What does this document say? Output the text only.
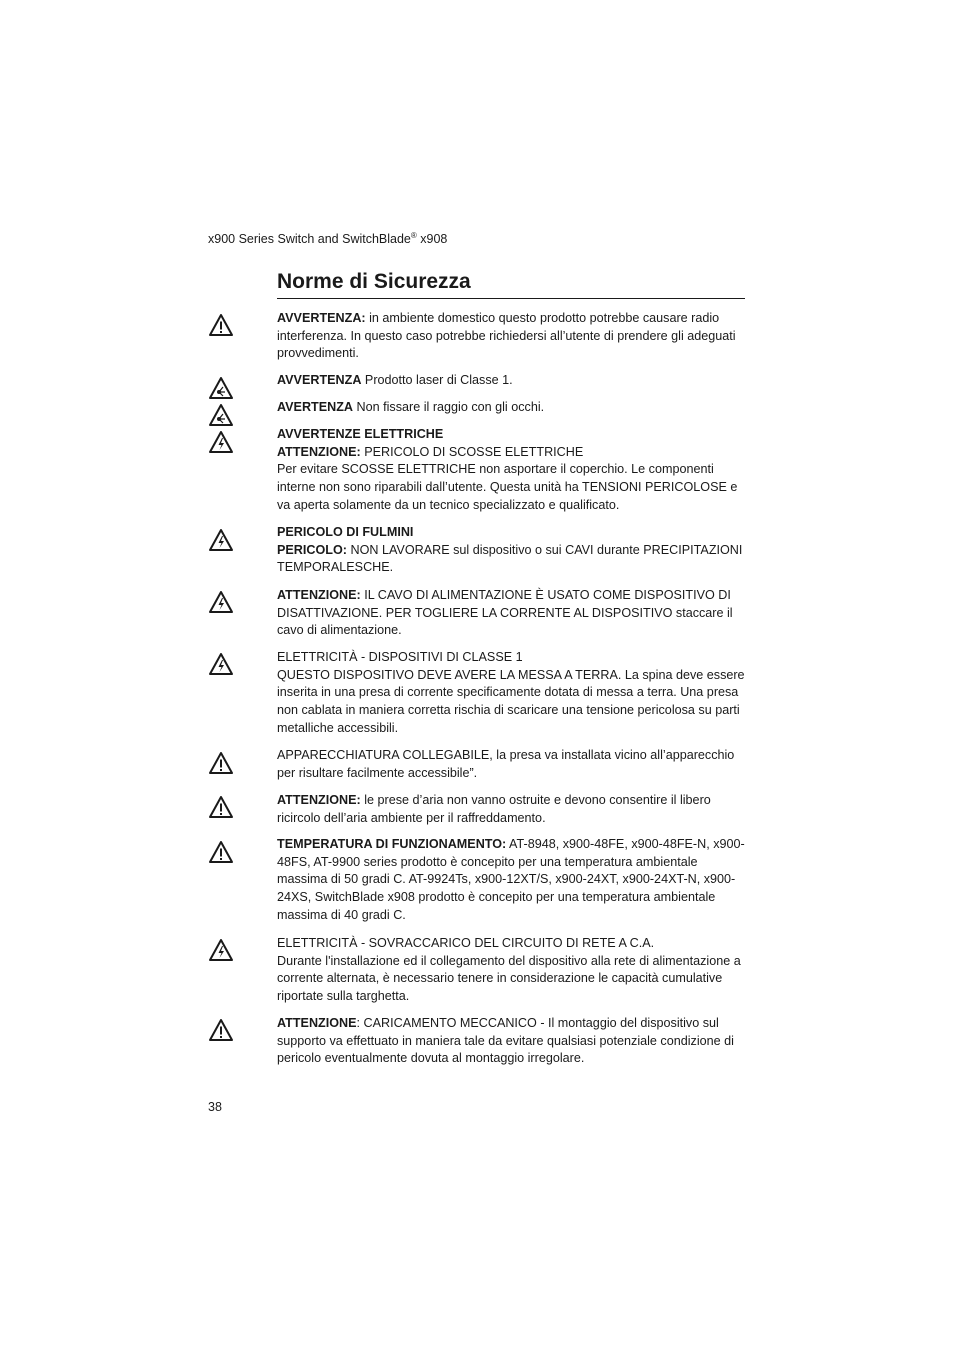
x900 Series Switch and SwitchBlade® x908
Norme di Sicurezza
AVVERTENZA: in ambiente domestico questo prodotto potrebbe causare radio interferenza. In questo caso potrebbe richiedersi all’utente di prendere gli adeguati provvedimenti.
AVVERTENZA Prodotto laser di Classe 1.
AVERTENZA Non fissare il raggio con gli occhi.
AVVERTENZE ELETTRICHE
ATTENZIONE: PERICOLO DI SCOSSE ELETTRICHE
Per evitare SCOSSE ELETTRICHE non asportare il coperchio. Le componenti interne non sono riparabili dall’utente. Questa unità ha TENSIONI PERICOLOSE e va aperta solamente da un tecnico specializzato e qualificato.
PERICOLO DI FULMINI
PERICOLO: NON LAVORARE sul dispositivo o sui CAVI durante PRECIPITAZIONI TEMPORALESCHE.
ATTENZIONE: IL CAVO DI ALIMENTAZIONE È USATO COME DISPOSITIVO DI DISATTIVAZIONE. PER TOGLIERE LA CORRENTE AL DISPOSITIVO staccare il cavo di alimentazione.
ELETTRICITÀ - DISPOSITIVI DI CLASSE 1
QUESTO DISPOSITIVO DEVE AVERE LA MESSA A TERRA. La spina deve essere inserita in una presa di corrente specificamente dotata di messa a terra. Una presa non cablata in maniera corretta rischia di scaricare una tensione pericolosa su parti metalliche accessibili.
APPARECCHIATURA COLLEGABILE, la presa va installata vicino all’apparecchio per risultare facilmente accessibile”.
ATTENZIONE: le prese d’aria non vanno ostruite e devono consentire il libero ricircolo dell’aria ambiente per il raffreddamento.
TEMPERATURA DI FUNZIONAMENTO: AT-8948, x900-48FE, x900-48FE-N, x900-48FS, AT-9900 series prodotto è concepito per una temperatura ambientale massima di 50 gradi C. AT-9924Ts, x900-12XT/S, x900-24XT, x900-24XT-N, x900-24XS, SwitchBlade x908 prodotto è concepito per una temperatura ambientale massima di 40 gradi C.
ELETTRICITÀ - SOVRACCARICO DEL CIRCUITO DI RETE A C.A.
Durante l'installazione ed il collegamento del dispositivo alla rete di alimentazione a corrente alternata, è necessario tenere in considerazione le capacità cumulative riportate sulla targhetta.
ATTENZIONE: CARICAMENTO MECCANICO - Il montaggio del dispositivo sul supporto va effettuato in maniera tale da evitare qualsiasi potenziale condizione di pericolo eventualmente dovuta al montaggio irregolare.
38
